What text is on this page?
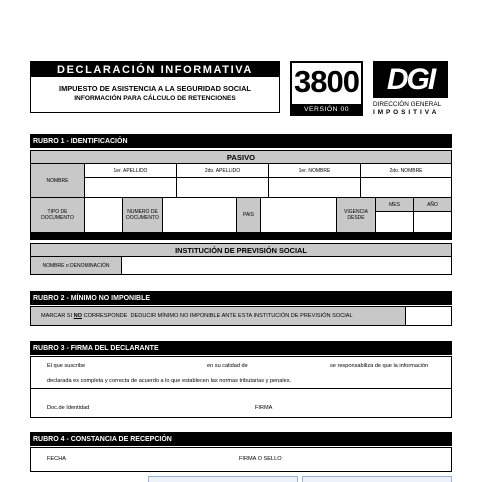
DECLARACIÓN INFORMATIVA
IMPUESTO DE ASISTENCIA A LA SEGURIDAD SOCIAL
INFORMACIÓN PARA CÁLCULO DE RETENCIONES	3800
VERSIÓN 00
DGI
DIRECCIÓN GENERAL
I M P O S I T I V A
RUBRO 1 - IDENTIFICACIÓN
PASIVO
NOMBRE
1er. APELLIDO	2do. APELLIDO	1er. NOMBRE	2do. NOMBRE
TIPO DE DOCUMENTO
NUMERO DE DOCUMENTO	PAIS	VIGENCIA DESDE
MES	AÑO
INSTITUCIÓN DE PREVISIÓN SOCIAL
NOMBRE o DENOMINACIÓN
RUBRO 2 - MÍNIMO NO IMPONIBLE
MARCAR SI NO CORRESPONDE  DEDUCIR MÍNIMO NO IMPONIBLE ANTE ESTA INSTITUCIÓN DE PREVISIÓN SOCIAL
RUBRO 3 - FIRMA DEL DECLARANTE
El que suscribe	en su calidad de	se responsabiliza de que la información
declarada es completa y correcta de acuerdo a lo que establecen las normas tributarias y penales.
Doc.de Identidad	FIRMA
RUBRO 4 - CONSTANCIA DE RECEPCIÓN
FECHA	FIRMA O SELLO
